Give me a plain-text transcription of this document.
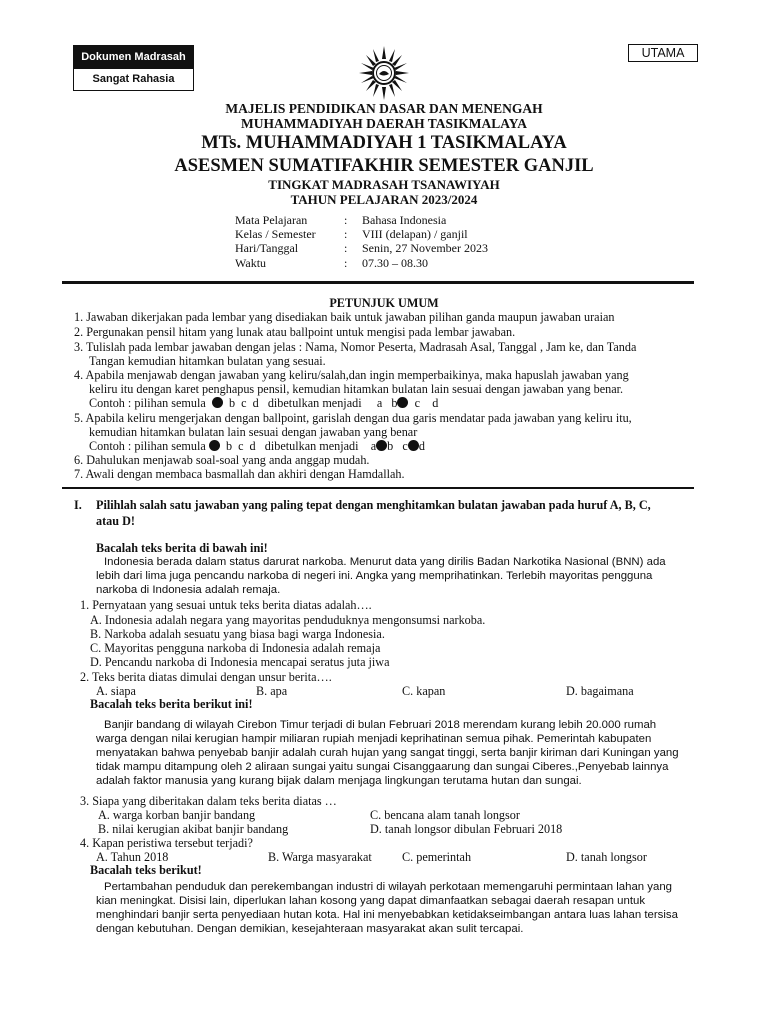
Dokumen Madrasah
Sangat Rahasia
UTAMA
MAJELIS PENDIDIKAN DASAR DAN MENENGAH
MUHAMMADIYAH DAERAH TASIKMALAYA
MTs. MUHAMMADIYAH 1 TASIKMALAYA
ASESMEN SUMATIFAKHIR SEMESTER GANJIL
TINGKAT MADRASAH TSANAWIYAH
TAHUN PELAJARAN 2023/2024
Mata Pelajaran	: Bahasa Indonesia
Kelas / Semester : VIII (delapan) / ganjil
Hari/Tanggal	: Senin, 27 November 2023
Waktu	: 07.30 – 08.30
PETUNJUK UMUM
1. Jawaban dikerjakan pada lembar yang disediakan baik untuk jawaban pilihan ganda maupun jawaban uraian
2. Pergunakan pensil hitam yang lunak atau ballpoint untuk mengisi pada lembar jawaban.
3. Tulislah pada lembar jawaban dengan jelas : Nama, Nomor Peserta, Madrasah Asal, Tanggal , Jam ke, dan Tanda
Tangan kemudian hitamkan bulatan yang sesuai.
4. Apabila menjawab dengan jawaban yang keliru/salah,dan ingin memperbaikinya, maka hapuslah jawaban yang
keliru itu dengan karet penghapus pensil, kemudian hitamkan bulatan lain sesuai dengan jawaban yang benar.
Contoh : pilihan semula b c d dibetulkan menjadi a b c d
5. Apabila keliru mengerjakan dengan ballpoint, garislah dengan dua garis mendatar pada jawaban yang keliru itu,
kemudian hitamkan bulatan lain sesuai dengan jawaban yang benar
Contoh : pilihan semula b c d dibetulkan menjadi a b c d
6. Dahulukan menjawab soal-soal yang anda anggap mudah.
7. Awali dengan membaca basmallah dan akhiri dengan Hamdallah.
I. Pilihlah salah satu jawaban yang paling tepat dengan menghitamkan bulatan jawaban pada huruf A, B, C,
atau D!
Bacalah teks berita di bawah ini!
Indonesia berada dalam status darurat narkoba. Menurut data yang dirilis Badan Narkotika Nasional (BNN) ada
lebih dari lima juga pencandu narkoba di negeri ini. Angka yang memprihatinkan. Terlebih mayoritas pengguna
narkoba di Indonesia adalah remaja.
1. Pernyataan yang sesuai untuk teks berita diatas adalah….
A. Indonesia adalah negara yang mayoritas penduduknya mengonsumsi narkoba.
B. Narkoba adalah sesuatu yang biasa bagi warga Indonesia.
C. Mayoritas pengguna narkoba di Indonesia adalah remaja
D. Pencandu narkoba di Indonesia mencapai seratus juta jiwa
2. Teks berita diatas dimulai dengan unsur berita….
A. siapa	B. apa	C. kapan	D. bagaimana
Bacalah teks berita berikut ini!
Banjir bandang di wilayah Cirebon Timur terjadi di bulan Februari 2018 merendam kurang lebih 20.000 rumah
warga dengan nilai kerugian hampir miliaran rupiah menjadi keprihatinan semua pihak. Pemerintah kabupaten
menyatakan bahwa penyebab banjir adalah curah hujan yang sangat tinggi, serta banjir kiriman dari Kuningan yang
tidak mampu ditampung oleh 2 aliraan sungai yaitu sungai Cisanggaarung dan sungai Ciberes.,Penyebab lainnya
adalah faktor manusia yang kurang bijak dalam menjaga lingkungan terutama hutan dan sungai.
3. Siapa yang diberitakan dalam teks berita diatas …
A. warga korban banjir bandang	C. bencana alam tanah longsor
B. nilai kerugian akibat banjir bandang	D. tanah longsor dibulan Februari 2018
4. Kapan peristiwa tersebut terjadi?
A. Tahun 2018	B. Warga masyarakat C. pemerintah	D. tanah longsor
Bacalah teks berikut!
Pertambahan penduduk dan perekembangan industri di wilayah perkotaan memengaruhi permintaan lahan yang
kian meningkat. Disisi lain, diperlukan lahan kosong yang dapat dimanfaatkan sebagai daerah resapan untuk
menghindari banjir serta penyediaan hutan kota. Hal ini menyebabkan ketidakseimbangan antara luas lahan tersisa
dengan kebutuhan. Dengan demikian, kesejahteraan masyarakat akan sulit tercapai.
